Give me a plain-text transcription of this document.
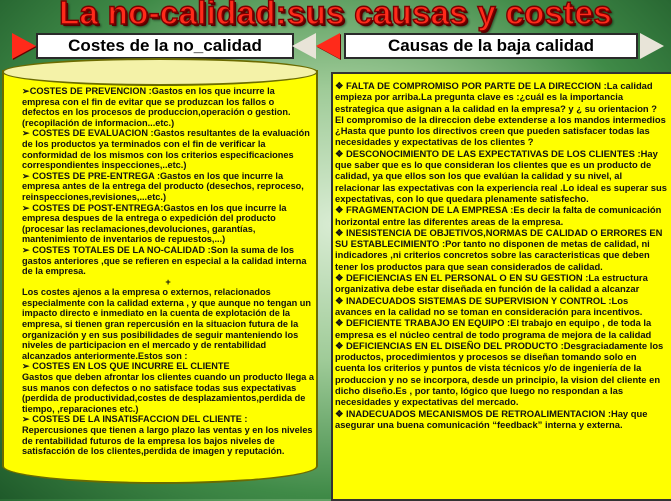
La no-calidad:sus causas y costes
Costes de la no_calidad	Causas de la baja calidad

➢COSTES DE PREVENCION :Gastos en los que incurre la empresa con el fin de evitar que se produzcan los fallos o defectos en los procesos de produccion,operación o gestion.(recopilación de informacion...etc.)

➢ COSTES DE EVALUACION :Gastos resultantes de la evaluación de los productos ya terminados con el fin de verificar la conformidad de los mismos con los criterios especificaciones correspondientes inspecciones,..etc.)

➢ COSTES DE PRE-ENTREGA :Gastos en los que incurre la empresa antes de la entrega del producto (desechos, reproceso, reinspecciones,revisiones,...etc.)

➢ COSTES DE POST-ENTREGA:Gastos en los que incurre la empresa despues de la entrega o expedición del producto (procesar las reclamaciones,devoluciones, garantías, mantenimiento de inventarios de repuestos,...)

➢ COSTES TOTALES DE LA NO-CALIDAD :Son la suma de los gastos anteriores ,que se refieren en especial a la calidad interna de la empresa.

+

Los costes ajenos a la empresa o externos, relacionados especialmente con la calidad externa , y que aunque no tengan un impacto directo e inmediato en la cuenta de explotación de la empresa, si tienen gran repercusión en la situacion futura de la organización y en sus posibilidades de seguir manteniendo los niveles de participacion en el mercado y de rentabilidad alcanzados anteriormente.Estos son :

➢ COSTES EN LOS QUE INCURRE EL CLIENTE

Gastos que deben afrontar los clientes cuando un producto llega a sus manos con defectos o no satisface todas sus expectativas (perdida de productividad,costes de desplazamientos,perdida de tiempo, ,reparaciones etc.)

➢ COSTES DE LA INSATISFACCION DEL CLIENTE :

Repercusiones que tienen a largo plazo las ventas y en los niveles de rentabilidad futuros de la empresa los bajos niveles de satisfacción de los clientes,perdida de imagen y reputación.

❖ FALTA DE COMPROMISO POR PARTE DE LA DIRECCION :La calidad empieza por arriba.La pregunta clave es :¿cuál es la importancia estrategica que asignan a la calidad en la empresa? y ¿ su orientacion ?

El compromiso de la direccion debe extenderse a los mandos intermedios ¿Hasta que punto los directivos creen que pueden satisfacer todas las necesidades y expectativas de los clientes ?

❖ DESCONOCIMIENTO DE LAS EXPECTATIVAS DE LOS CLIENTES :Hay que saber que es lo que consideran los clientes que es un producto de calidad, ya que ellos son los que evalúan la calidad y su nivel, al relacionar las expectativas con la experiencia real .Lo ideal es superar sus expectativas, con lo que quedara plenamente satisfecho.

❖ FRAGMENTACION DE LA EMPRESA :Es decir la falta de comunicación horizontal entre las diferentes areas de la empresa.

❖ INESISTENCIA DE OBJETIVOS,NORMAS DE CALIDAD O ERRORES EN SU ESTABLECIMIENTO :Por tanto no disponen de metas de calidad, ni indicadores ,ni criterios concretos sobre las caracteristicas que deben tener los productos para que sean considerados de calidad.

❖ DEFICIENCIAS EN EL PERSONAL O EN SU GESTION :La estructura organizativa debe estar diseñada en función de la calidad a alcanzar

❖ INADECUADOS SISTEMAS DE SUPERVISION Y CONTROL :Los avances en la calidad no se toman en consideración para incentivos.

❖ DEFICIENTE TRABAJO EN EQUIPO :El trabajo en equipo , de toda la empresa es el núcleo central de todo programa de mejora de la calidad

❖ DEFICIENCIAS EN EL DISEÑO DEL PRODUCTO :Desgraciadamente los productos, procedimientos y procesos se diseñan tomando solo en cuenta los criterios y puntos de vista técnicos y/o de ingeniería de la produccion y no se incorpora, desde un principio, la vision del cliente en dicho diseño.Es , por tanto, lógico que luego no respondan a las necesidades y expectativas del mercado.

❖ INADECUADOS MECANISMOS DE RETROALIMENTACION :Hay que asegurar una buena comunicación “feedback” interna y externa.
